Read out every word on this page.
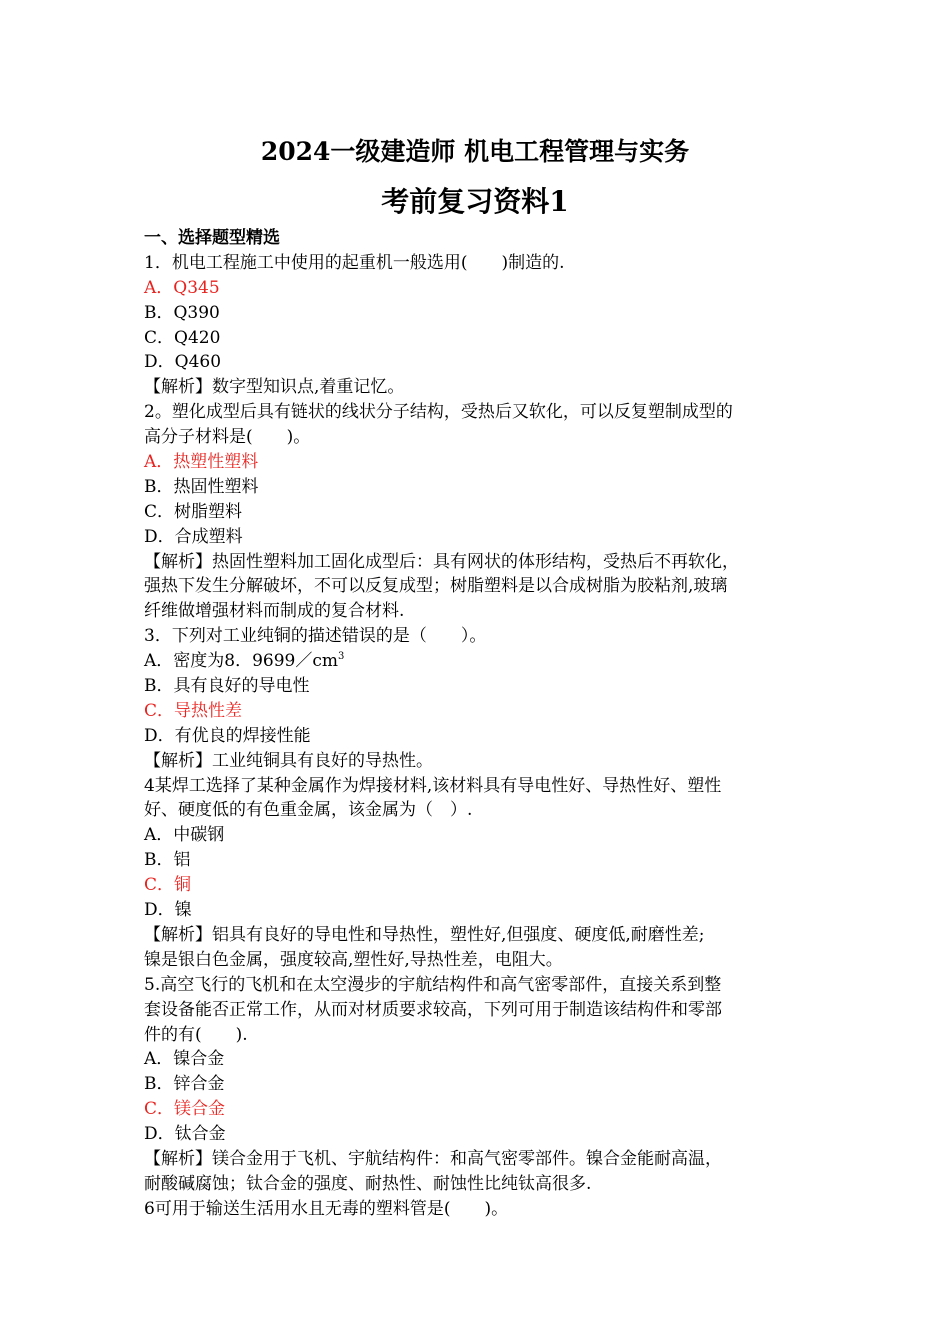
2024一级建造师 机电工程管理与实务
考前复习资料1
一、选择题型精选
1．机电工程施工中使用的起重机一般选用(　　)制造的.
A．Q345
B．Q390
C．Q420
D．Q460
【解析】数字型知识点,着重记忆。
2。塑化成型后具有链状的线状分子结构，受热后又软化，可以反复塑制成型的
高分子材料是(　　)。
A．热塑性塑料
B．热固性塑料
C．树脂塑料
D．合成塑料
【解析】热固性塑料加工固化成型后：具有网状的体形结构，受热后不再软化，
强热下发生分解破坏，不可以反复成型；树脂塑料是以合成树脂为胶粘剂,玻璃
纤维做增强材料而制成的复合材料.
3．下列对工业纯铜的描述错误的是（　　）。
A．密度为8．$9699/cm^3$
B．具有良好的导电性
C．导热性差
D．有优良的焊接性能
【解析】工业纯铜具有良好的导热性。
4某焊工选择了某种金属作为焊接材料,该材料具有导电性好、导热性好、塑性
好、硬度低的有色重金属，该金属为（　）.
A．中碳钢
B．铝
C．铜
D．镍
【解析】铝具有良好的导电性和导热性，塑性好,但强度、硬度低,耐磨性差;
镍是银白色金属，强度较高,塑性好,导热性差，电阻大。
5.高空飞行的飞机和在太空漫步的宇航结构件和高气密零部件，直接关系到整
套设备能否正常工作，从而对材质要求较高，下列可用于制造该结构件和零部
件的有(　　).
A．镍合金
B．锌合金
C．镁合金
D．钛合金
【解析】镁合金用于飞机、宇航结构件：和高气密零部件。镍合金能耐高温，
耐酸碱腐蚀；钛合金的强度、耐热性、耐蚀性比纯钛高很多.
6可用于输送生活用水且无毒的塑料管是(　　)。
